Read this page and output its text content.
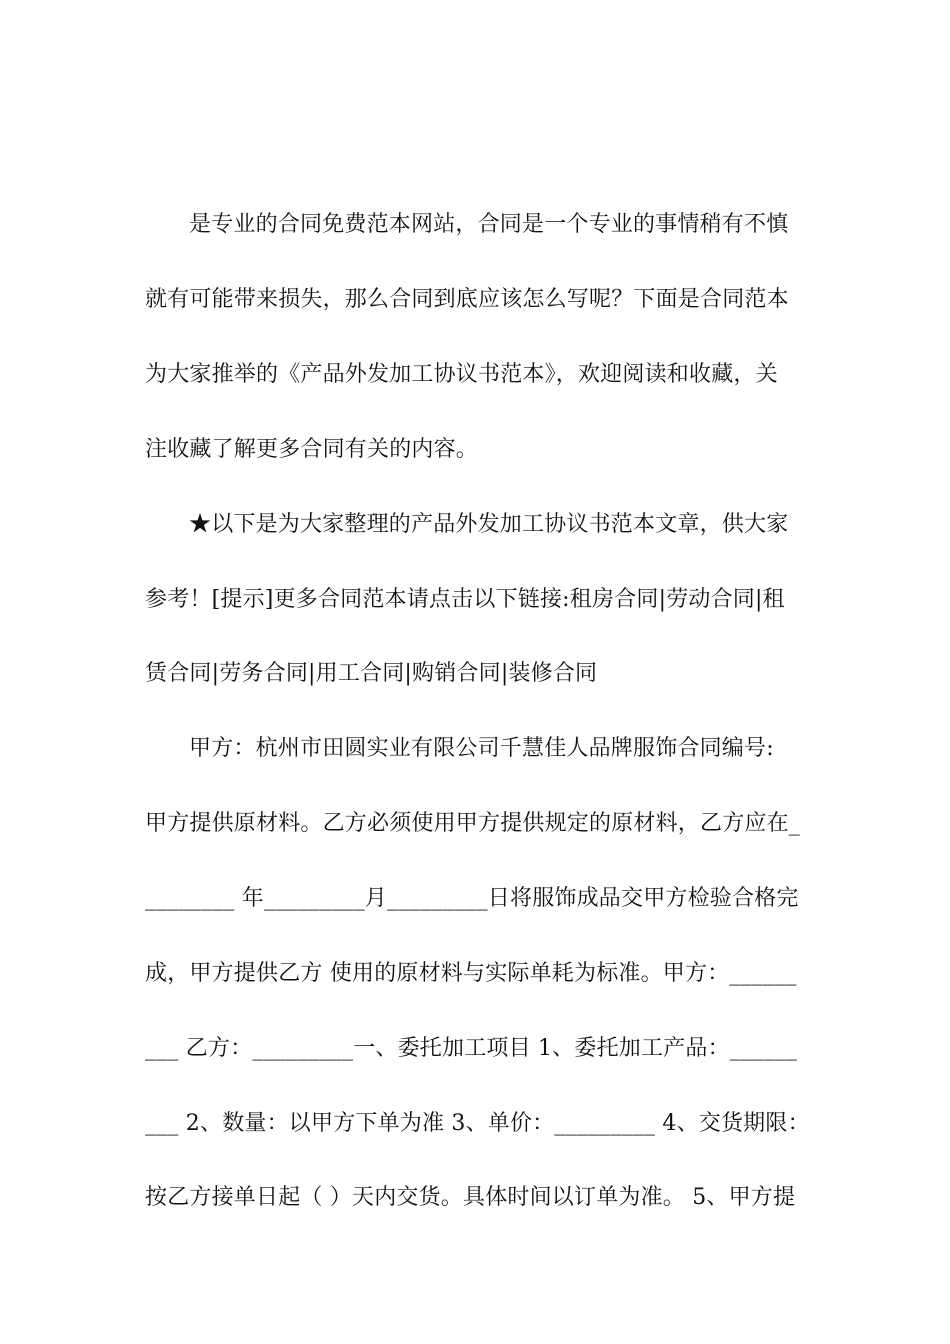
是专业的合同免费范本网站，合同是一个专业的事情稍有不慎
就有可能带来损失，那么合同到底应该怎么写呢？下面是合同范本
为大家推举的《产品外发加工协议书范本》，欢迎阅读和收藏，关
注收藏了解更多合同有关的内容。
★以下是为大家整理的产品外发加工协议书范本文章，供大家
参考！[提示]更多合同范本请点击以下链接:租房合同|劳动合同|租
赁合同|劳务合同|用工合同|购销合同|装修合同
甲方：杭州市田圆实业有限公司千慧佳人品牌服饰合同编号:
甲方提供原材料。乙方必须使用甲方提供规定的原材料，乙方应在_
________ 年_________月_________日将服饰成品交甲方检验合格完
成，甲方提供乙方 使用的原材料与实际单耗为标准。甲方：______
___ 乙方：_________一、委托加工项目 1、委托加工产品：______
___ 2、数量：以甲方下单为准 3、单价：_________ 4、交货期限：
按乙方接单日起（ ）天内交货。具体时间以订单为准。 5、甲方提
